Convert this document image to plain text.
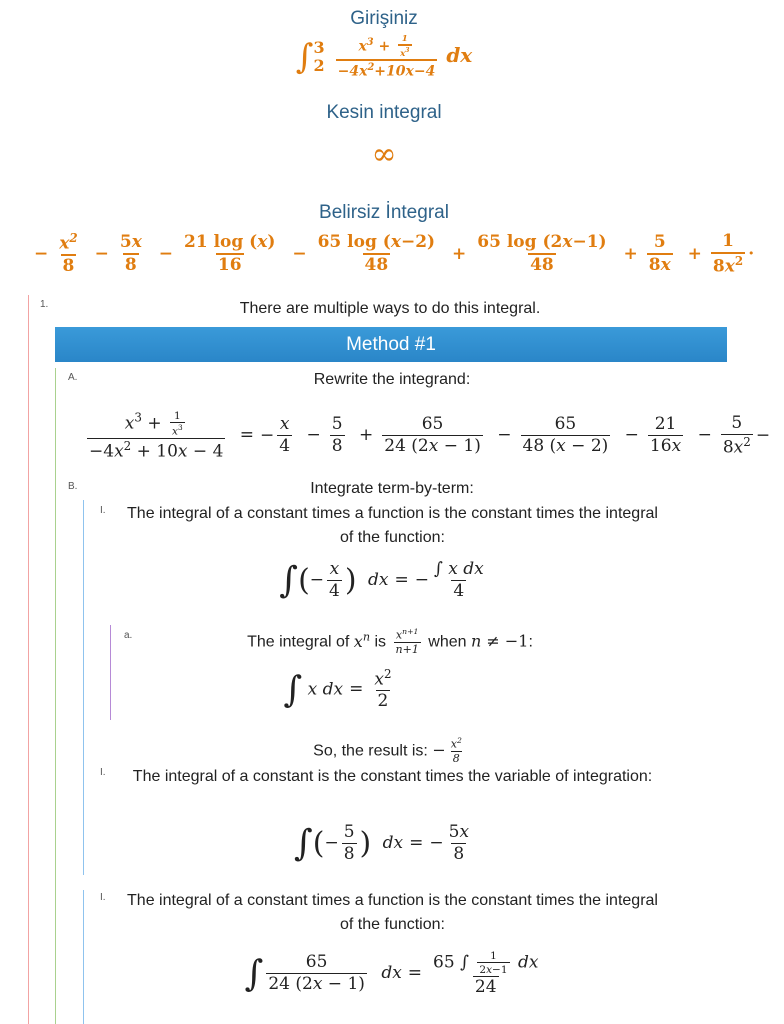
Girişiniz
∫ 3
$2 \frac{x^3 + \frac{1}{x^3}}{-4x^2+10x-4}$ dx
Kesin integral
∞
Belirsiz İntegral
− $\frac{x^2}{8} - \frac{5x}{8} - \frac{21 \log (x)}{16} - \frac{65 \log (x-2)}{48} + \frac{65 \log (2x-1)}{48} + \frac{5}{8x} + \frac{1}{8x^2}$ ·
1.	There are multiple ways to do this integral.
Method #1
A.	Rewrite the integrand:
$\frac{x^3 + \frac{1}{x^3}}{-4x^2 + 10x - 4}$ = − $\frac{x}{4} - \frac{5}{8} + \frac{65}{24 (2x - 1)} - \frac{65}{48 (x - 2)} - \frac{21}{16x} - \frac{5}{8x^2}$ −
B.	Integrate term-by-term:
I.	The integral of a constant times a function is the constant times the integral of the function:
∫(− $\frac{x}{4}$ ) dx = − $\frac{\text{∫ x dx}}{4}$
a.	The integral of $x^n$ is $\frac{x^{n+1}}{n+1}$ when n ≠ −1:
∫ x dx = $\frac{x^2}{2}$
So, the result is: − $\frac{x^2}{8}$
I.	The integral of a constant is the constant times the variable of integration:
∫(− $\frac{5}{8}$ ) dx = − $\frac{5x}{8}$
I.	The integral of a constant times a function is the constant times the integral of the function:
∫ $\frac{65}{24 (2x - 1)}$ dx = $\frac{65 \int \frac{1}{2x-1} dx}{24}$
